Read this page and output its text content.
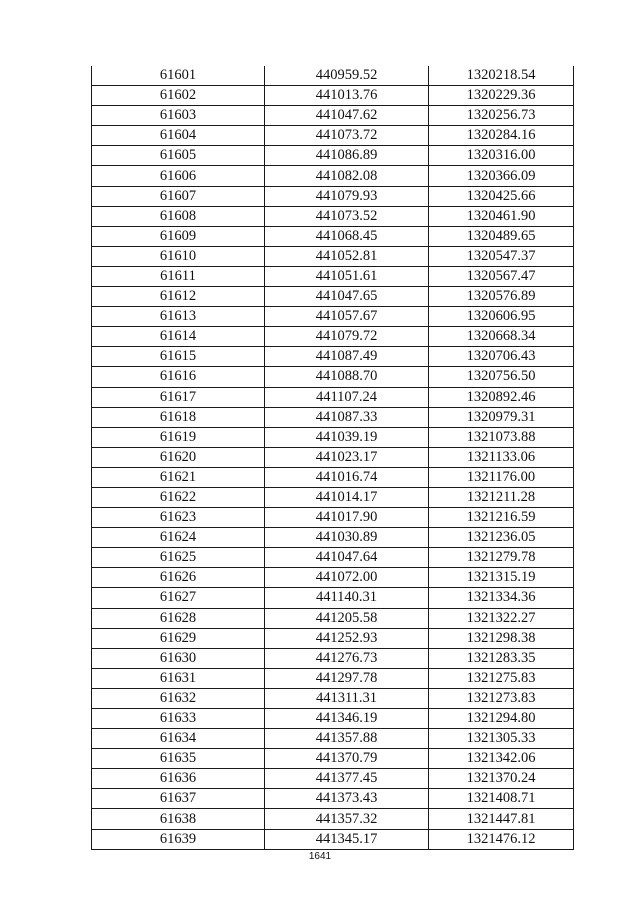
61601	440959.52	1320218.54
61602	441013.76	1320229.36
61603	441047.62	1320256.73
61604	441073.72	1320284.16
61605	441086.89	1320316.00
61606	441082.08	1320366.09
61607	441079.93	1320425.66
61608	441073.52	1320461.90
61609	441068.45	1320489.65
61610	441052.81	1320547.37
61611	441051.61	1320567.47
61612	441047.65	1320576.89
61613	441057.67	1320606.95
61614	441079.72	1320668.34
61615	441087.49	1320706.43
61616	441088.70	1320756.50
61617	441107.24	1320892.46
61618	441087.33	1320979.31
61619	441039.19	1321073.88
61620	441023.17	1321133.06
61621	441016.74	1321176.00
61622	441014.17	1321211.28
61623	441017.90	1321216.59
61624	441030.89	1321236.05
61625	441047.64	1321279.78
61626	441072.00	1321315.19
61627	441140.31	1321334.36
61628	441205.58	1321322.27
61629	441252.93	1321298.38
61630	441276.73	1321283.35
61631	441297.78	1321275.83
61632	441311.31	1321273.83
61633	441346.19	1321294.80
61634	441357.88	1321305.33
61635	441370.79	1321342.06
61636	441377.45	1321370.24
61637	441373.43	1321408.71
61638	441357.32	1321447.81
61639	441345.17	1321476.12
1641
